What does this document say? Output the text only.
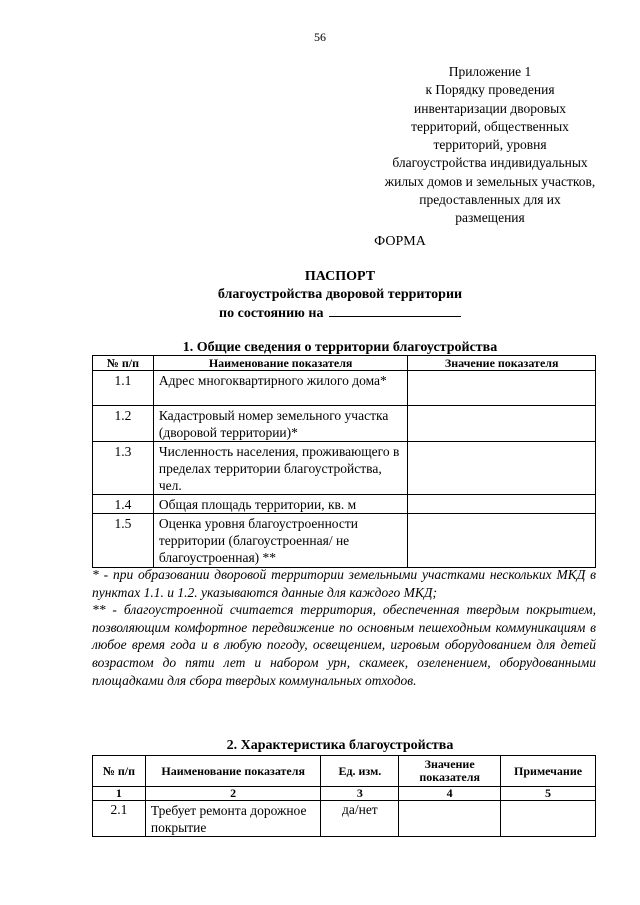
56
Приложение 1
к Порядку проведения
инвентаризации дворовых
территорий, общественных
территорий, уровня
благоустройства индивидуальных
жилых домов и земельных участков,
предоставленных для их
размещения
ФОРМА
ПАСПОРТ
благоустройства дворовой территории
по состоянию на
1. Общие сведения о территории благоустройства
№ п/п	Наименование показателя	Значение показателя
1.1	Адрес многоквартирного жилого дома*	
1.2	Кадастровый номер земельного участка (дворовой территории)*	
1.3	Численность населения, проживающего в пределах территории благоустройства, чел.	
1.4	Общая площадь территории, кв. м	
1.5	Оценка уровня благоустроенности территории (благоустроенная/ не благоустроенная) **	

* - при образовании дворовой территории земельными участками нескольких МКД в пунктах 1.1. и 1.2. указываются данные для каждого МКД;

** - благоустроенной считается территория, обеспеченная твердым покрытием, позволяющим комфортное передвижение по основным пешеходным коммуникациям в любое время года и в любую погоду, освещением, игровым оборудованием для детей возрастом до пяти лет и набором урн, скамеек, озеленением, оборудованными площадками для сбора твердых коммунальных отходов.

2. Характеристика благоустройства
№ п/п	Наименование показателя	Ед. изм.	Значение показателя	Примечание
1	2	3	4	5
2.1	Требует ремонта дорожное покрытие	да/нет		
